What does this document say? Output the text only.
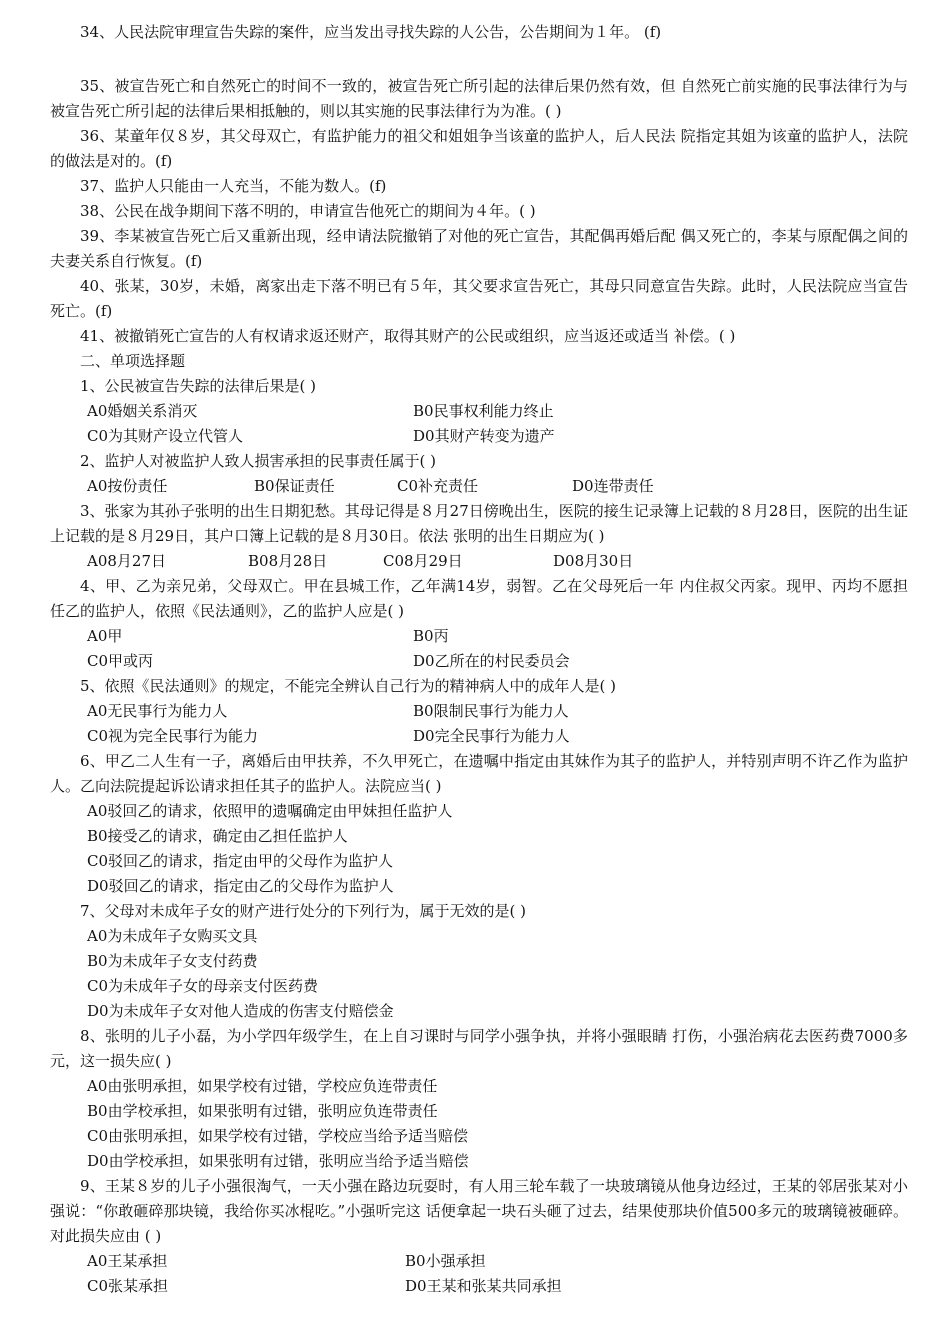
34、人民法院审理宣告失踪的案件，应当发出寻找失踪的人公告，公告期间为１年。 (f)
35、被宣告死亡和自然死亡的时间不一致的，被宣告死亡所引起的法律后果仍然有效，但 自然死亡前实施的民事法律行为与被宣告死亡所引起的法律后果相抵触的，则以其实施的民事法律行为为准。( )
36、某童年仅８岁，其父母双亡，有监护能力的祖父和姐姐争当该童的监护人，后人民法 院指定其姐为该童的监护人，法院的做法是对的。(f)
37、监护人只能由一人充当，不能为数人。(f)
38、公民在战争期间下落不明的，申请宣告他死亡的期间为４年。( )
39、李某被宣告死亡后又重新出现，经申请法院撤销了对他的死亡宣告，其配偶再婚后配 偶又死亡的，李某与原配偶之间的夫妻关系自行恢复。(f)
40、张某，30岁，未婚，离家出走下落不明已有５年，其父要求宣告死亡，其母只同意宣告失踪。此时，人民法院应当宣告死亡。(f)
41、被撤销死亡宣告的人有权请求返还财产，取得其财产的公民或组织，应当返还或适当 补偿。( )
二、单项选择题
1、公民被宣告失踪的法律后果是( )
A0婚姻关系消灭	B0民事权利能力终止
C0为其财产设立代管人	D0其财产转变为遗产
2、监护人对被监护人致人损害承担的民事责任属于( )
A0按份责任	B0保证责任	C0补充责任	D0连带责任
3、张家为其孙子张明的出生日期犯愁。其母记得是８月27日傍晚出生，医院的接生记录簿上记载的８月28日，医院的出生证上记载的是８月29日，其户口簿上记载的是８月30日。依法 张明的出生日期应为( )
A08月27日	B08月28日	C08月29日	D08月30日
4、甲、乙为亲兄弟，父母双亡。甲在县城工作，乙年满14岁，弱智。乙在父母死后一年 内住叔父丙家。现甲、丙均不愿担任乙的监护人，依照《民法通则》，乙的监护人应是( )
A0甲	B0丙
C0甲或丙	D0乙所在的村民委员会
5、依照《民法通则》的规定，不能完全辨认自己行为的精神病人中的成年人是( )
A0无民事行为能力人	B0限制民事行为能力人
C0视为完全民事行为能力	D0完全民事行为能力人
6、甲乙二人生有一子，离婚后由甲扶养，不久甲死亡，在遗嘱中指定由其妹作为其子的监护人，并特别声明不许乙作为监护人。乙向法院提起诉讼请求担任其子的监护人。法院应当( )
A0驳回乙的请求，依照甲的遗嘱确定由甲妹担任监护人
B0接受乙的请求，确定由乙担任监护人
C0驳回乙的请求，指定由甲的父母作为监护人
D0驳回乙的请求，指定由乙的父母作为监护人
7、父母对未成年子女的财产进行处分的下列行为，属于无效的是( )
A0为未成年子女购买文具
B0为未成年子女支付药费
C0为未成年子女的母亲支付医药费
D0为未成年子女对他人造成的伤害支付赔偿金
8、张明的儿子小磊，为小学四年级学生，在上自习课时与同学小强争执，并将小强眼睛 打伤，小强治病花去医药费7000多元，这一损失应( )
A0由张明承担，如果学校有过错，学校应负连带责任
B0由学校承担，如果张明有过错，张明应负连带责任
C0由张明承担，如果学校有过错，学校应当给予适当赔偿
D0由学校承担，如果张明有过错，张明应当给予适当赔偿
9、王某８岁的儿子小强很淘气，一天小强在路边玩耍时，有人用三轮车载了一块玻璃镜从他身边经过，王某的邻居张某对小强说：“你敢砸碎那块镜，我给你买冰棍吃。”小强听完这 话便拿起一块石头砸了过去，结果使那块价值500多元的玻璃镜被砸碎。对此损失应由 ( )
A0王某承担	B0小强承担
C0张某承担	D0王某和张某共同承担
